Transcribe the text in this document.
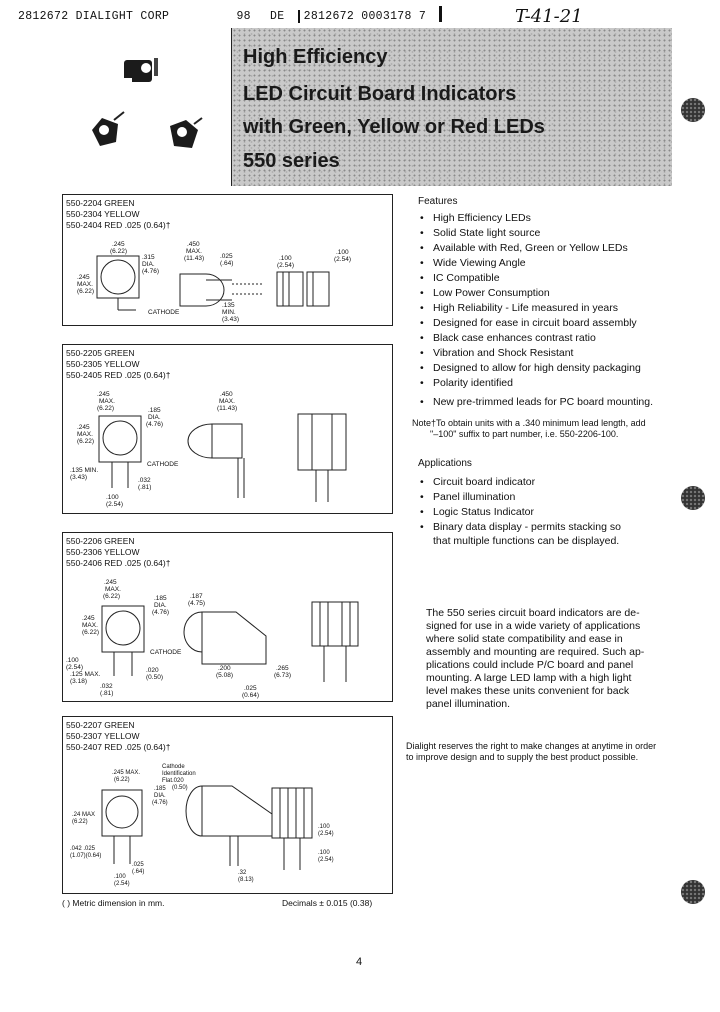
2812672 DIALIGHT CORP	98 DE 2812672 0003178 7	T-41-21
High Efficiency
LED Circuit Board Indicators
with Green, Yellow or Red LEDs
550 series
550-2204 GREEN
550-2304 YELLOW
550-2404 RED .025 (0.64)†
.245
(6.22)
.245
MAX.
(6.22)
.450
MAX.
(11.43) .025
(.64)
.315
DIA.
(4.76)
.100
(2.54)
.100
(2.54)
.135
MIN.
(3.43)
CATHODE
550-2205 GREEN
550-2305 YELLOW
550-2405 RED .025 (0.64)†
.245
MAX.
(6.22)
.245
MAX.
(6.22)
.185
DIA.
(4.76)
.450
MAX.
(11.43)
.135 MIN.
(3.43)
.100
(2.54)
.032
(.81)
CATHODE
550-2206 GREEN
550-2306 YELLOW
550-2406 RED .025 (0.64)†
.245
MAX.
(6.22)
.245
MAX.
(6.22)
.185
DIA.
(4.76)
.187
(4.75)
.032
(.81)
CATHODE
.020
(0.50)
.100
(2.54)
.125 MAX.
(3.18)
.200
(5.08)
.265
(6.73)
.025
(0.64)
550-2207 GREEN
550-2307 YELLOW
550-2407 RED .025 (0.64)†
.245 MAX.
(6.22)
Cathode
Identification
Flat
.185
DIA.
(4.76)
.24 MAX
(6.22)
.020
(0.50)
.025
(.64)
.100
(2.54)
.32
(8.13)
.042 .025
(1.07)(0.64)
.100
(2.54)
.100
(2.54)
Features
• High Efficiency LEDs
• Solid State light source
• Available with Red, Green or Yellow LEDs
• Wide Viewing Angle
• IC Compatible
• Low Power Consumption
• High Reliability - Life measured in years
• Designed for ease in circuit board assembly
• Black case enhances contrast ratio
• Vibration and Shock Resistant
• Designed to allow for high density packaging
• Polarity identified
• New pre-trimmed leads for PC board mounting.
Note†To obtain units with a .340 minimum lead length, add
"–100" suffix to part number, i.e. 550-2206-100.
Applications
• Circuit board indicator
• Panel illumination
• Logic Status Indicator
• Binary data display - permits stacking so
that multiple functions can be displayed.
The 550 series circuit board indicators are de-
signed for use in a wide variety of applications
where solid state compatibility and ease in
assembly and mounting are required. Such ap-
plications could include P/C board and panel
mounting. A large LED lamp with a high light
level makes these units convenient for back
panel illumination.
Dialight reserves the right to make changes at anytime in order
to improve design and to supply the best product possible.
( ) Metric dimension in mm.	Decimals ± 0.015 (0.38)
4
